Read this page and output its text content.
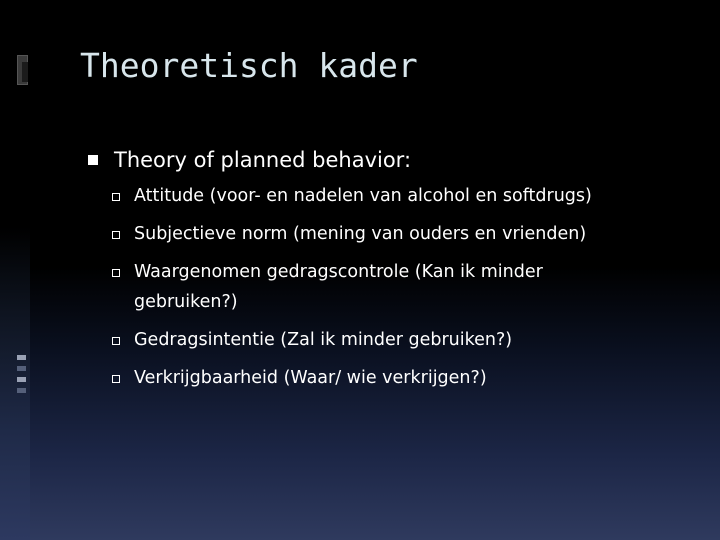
Theoretisch kader
Theory of planned behavior:
Attitude (voor- en nadelen van alcohol en softdrugs)
Subjectieve norm (mening van ouders en vrienden)
Waargenomen gedragscontrole (Kan ik minder gebruiken?)
Gedragsintentie (Zal ik minder gebruiken?)
Verkrijgbaarheid (Waar/ wie verkrijgen?)
